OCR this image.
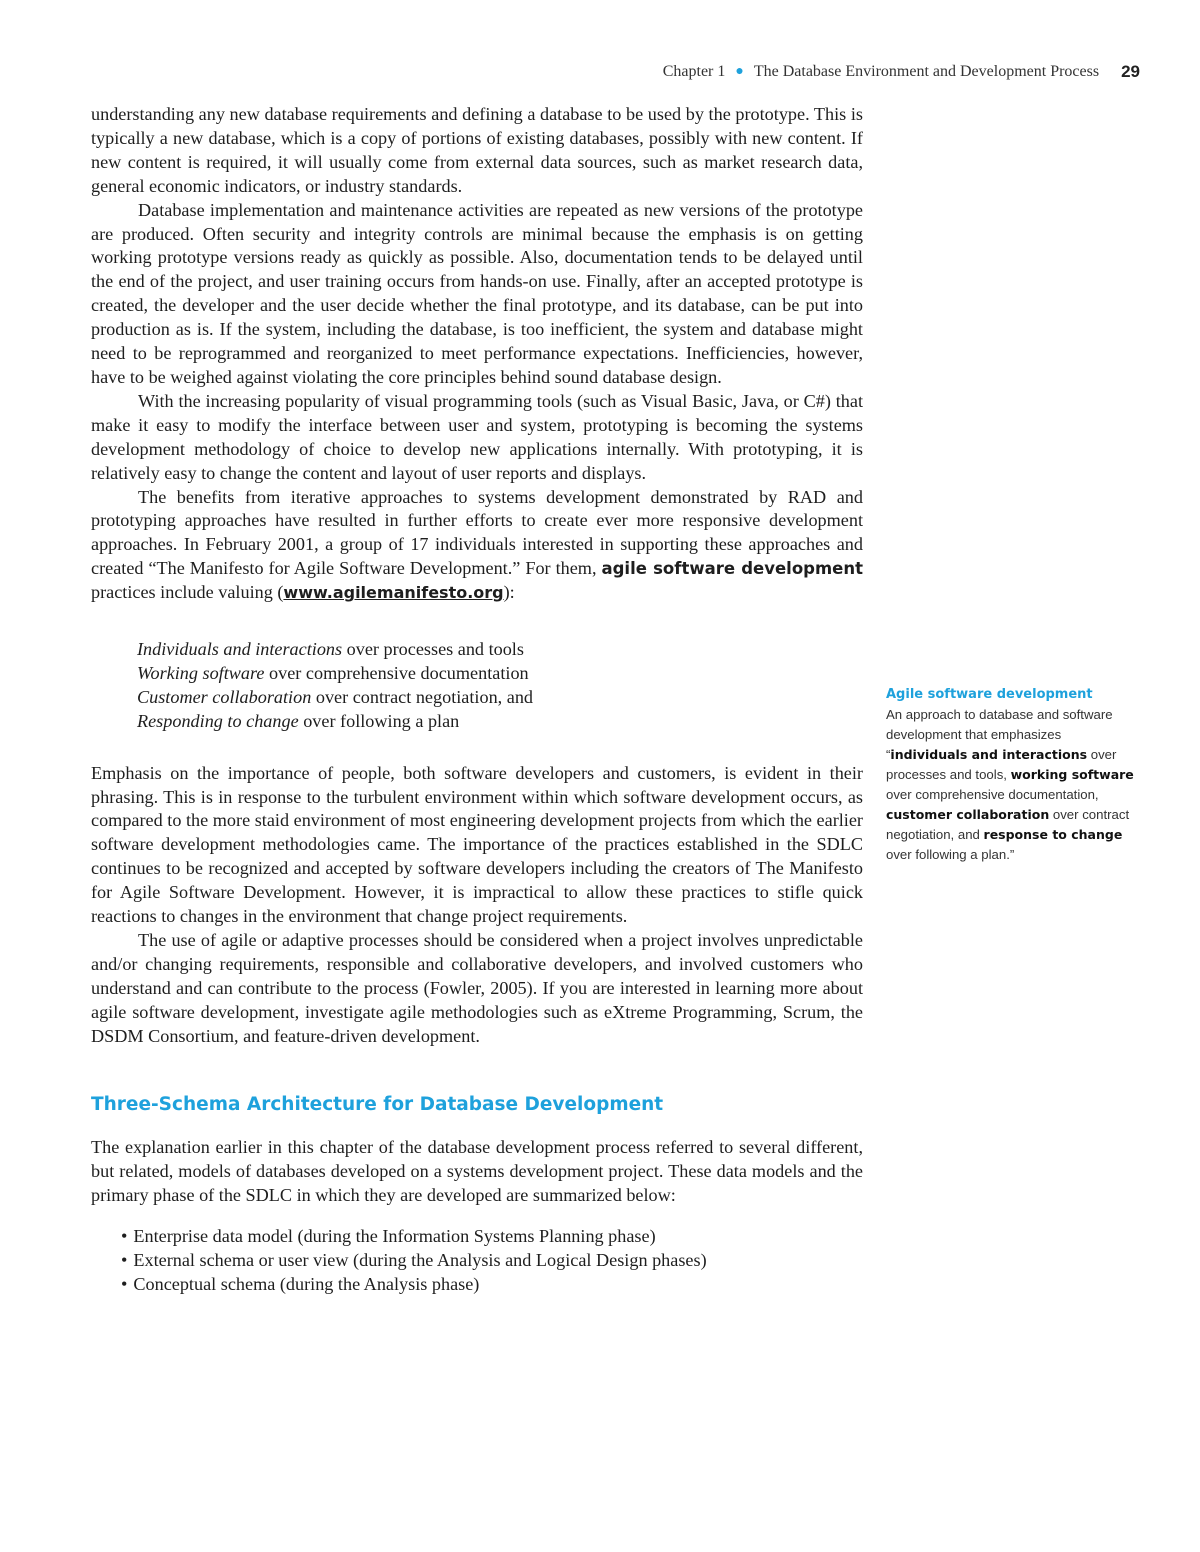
Chapter 1 ● The Database Environment and Development Process 29

understanding any new database requirements and defining a database to be used by the prototype. This is typically a new database, which is a copy of portions of existing databases, possibly with new content. If new content is required, it will usually come from external data sources, such as market research data, general economic indicators, or industry standards.

Database implementation and maintenance activities are repeated as new versions of the prototype are produced. Often security and integrity controls are minimal because the emphasis is on getting working prototype versions ready as quickly as possible. Also, documentation tends to be delayed until the end of the project, and user training occurs from hands-on use. Finally, after an accepted prototype is created, the developer and the user decide whether the final prototype, and its database, can be put into production as is. If the system, including the database, is too inefficient, the system and database might need to be reprogrammed and reorganized to meet performance expectations. Inefficiencies, however, have to be weighed against violating the core principles behind sound database design.

With the increasing popularity of visual programming tools (such as Visual Basic, Java, or C#) that make it easy to modify the interface between user and system, prototyping is becoming the systems development methodology of choice to develop new applications internally. With prototyping, it is relatively easy to change the content and layout of user reports and displays.

The benefits from iterative approaches to systems development demonstrated by RAD and prototyping approaches have resulted in further efforts to create ever more responsive development approaches. In February 2001, a group of 17 individuals interested in supporting these approaches and created “The Manifesto for Agile Software Development.” For them, agile software development practices include valuing (www.agilemanifesto.org):

Individuals and interactions over processes and tools
Working software over comprehensive documentation
Customer collaboration over contract negotiation, and
Responding to change over following a plan

Emphasis on the importance of people, both software developers and customers, is evident in their phrasing. This is in response to the turbulent environment within which software development occurs, as compared to the more staid environment of most engineering development projects from which the earlier software development methodologies came. The importance of the practices established in the SDLC continues to be recognized and accepted by software developers including the creators of The Manifesto for Agile Software Development. However, it is impractical to allow these practices to stifle quick reactions to changes in the environment that change project requirements.

The use of agile or adaptive processes should be considered when a project involves unpredictable and/or changing requirements, responsible and collaborative developers, and involved customers who understand and can contribute to the process (Fowler, 2005). If you are interested in learning more about agile software development, investigate agile methodologies such as eXtreme Programming, Scrum, the DSDM Consortium, and feature-driven development.

Three-Schema Architecture for Database Development

The explanation earlier in this chapter of the database development process referred to several different, but related, models of databases developed on a systems development project. These data models and the primary phase of the SDLC in which they are developed are summarized below:

• Enterprise data model (during the Information Systems Planning phase)
• External schema or user view (during the Analysis and Logical Design phases)
• Conceptual schema (during the Analysis phase)
Agile software development
An approach to database and software development that emphasizes “individuals and interactions over processes and tools, working software over comprehensive documentation, customer collaboration over contract negotiation, and response to change over following a plan.”
